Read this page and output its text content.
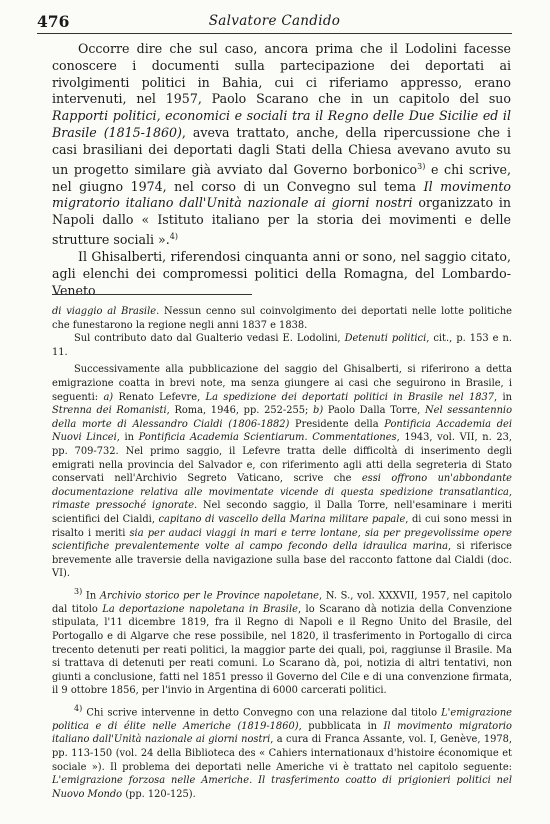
476	Salvatore Candido

Occorre dire che sul caso, ancora prima che il Lodolini facesse conoscere i documenti sulla partecipazione dei deportati ai rivolgimenti politici in Bahia, cui ci riferiamo appresso, erano intervenuti, nel 1957, Paolo Scarano che in un capitolo del suo Rapporti politici, economici e sociali tra il Regno delle Due Sicilie ed il Brasile (1815-1860), aveva trattato, anche, della ripercussione che i casi brasiliani dei deportati dagli Stati della Chiesa avevano avuto su un progetto similare già avviato dal Governo borbonico$^{3)}$ e chi scrive, nel giugno 1974, nel corso di un Convegno sul tema Il movimento migratorio italiano dall'Unità nazionale ai giorni nostri organizzato in Napoli dallo « Istituto italiano per la storia dei movimenti e delle strutture sociali ».$^{4)}$

Il Ghisalberti, riferendosi cinquanta anni or sono, nel saggio citato, agli elenchi dei compromessi politici della Romagna, del Lombardo-Veneto

di viaggio al Brasile. Nessun cenno sul coinvolgimento dei deportati nelle lotte politiche che funestarono la regione negli anni 1837 e 1838.

Sul contributo dato dal Gualterio vedasi E. Lodolini, Detenuti politici, cit., p. 153 e n. 11.

Successivamente alla pubblicazione del saggio del Ghisalberti, si riferirono a detta emigrazione coatta in brevi note, ma senza giungere ai casi che seguirono in Brasile, i seguenti: a) Renato Lefevre, La spedizione dei deportati politici in Brasile nel 1837, in Strenna dei Romanisti, Roma, 1946, pp. 252-255; b) Paolo Dalla Torre, Nel sessantennio della morte di Alessandro Cialdi (1806-1882) Presidente della Pontificia Accademia dei Nuovi Lincei, in Pontificia Academia Scientiarum. Commentationes, 1943, vol. VII, n. 23, pp. 709-732. Nel primo saggio, il Lefevre tratta delle difficoltà di inserimento degli emigrati nella provincia del Salvador e, con riferimento agli atti della segreteria di Stato conservati nell'Archivio Segreto Vaticano, scrive che essi offrono un'abbondante documentazione relativa alle movimentate vicende di questa spedizione transatlantica, rimaste pressoché ignorate. Nel secondo saggio, il Dalla Torre, nell'esaminare i meriti scientifici del Cialdi, capitano di vascello della Marina militare papale, di cui sono messi in risalto i meriti sia per audaci viaggi in mari e terre lontane, sia per pregevolissime opere scientifiche prevalentemente volte al campo fecondo della idraulica marina, si riferisce brevemente alle traversie della navigazione sulla base del racconto fattone dal Cialdi (doc. VI).

$^{3)}$ In Archivio storico per le Province napoletane, N. S., vol. XXXVII, 1957, nel capitolo dal titolo La deportazione napoletana in Brasile, lo Scarano dà notizia della Convenzione stipulata, l'11 dicembre 1819, fra il Regno di Napoli e il Regno Unito del Brasile, del Portogallo e di Algarve che rese possibile, nel 1820, il trasferimento in Portogallo di circa trecento detenuti per reati politici, la maggior parte dei quali, poi, raggiunse il Brasile. Ma si trattava di detenuti per reati comuni. Lo Scarano dà, poi, notizia di altri tentativi, non giunti a conclusione, fatti nel 1851 presso il Governo del Cile e di una convenzione firmata, il 9 ottobre 1856, per l'invio in Argentina di 6000 carcerati politici.

$^{4)}$ Chi scrive intervenne in detto Convegno con una relazione dal titolo L'emigrazione politica e di élite nelle Americhe (1819-1860), pubblicata in Il movimento migratorio italiano dall'Unità nazionale ai giorni nostri, a cura di Franca Assante, vol. I, Genève, 1978, pp. 113-150 (vol. 24 della Biblioteca des « Cahiers internationaux d'histoire économique et sociale »). Il problema dei deportati nelle Americhe vi è trattato nel capitolo seguente: L'emigrazione forzosa nelle Americhe. Il trasferimento coatto di prigionieri politici nel Nuovo Mondo (pp. 120-125).
